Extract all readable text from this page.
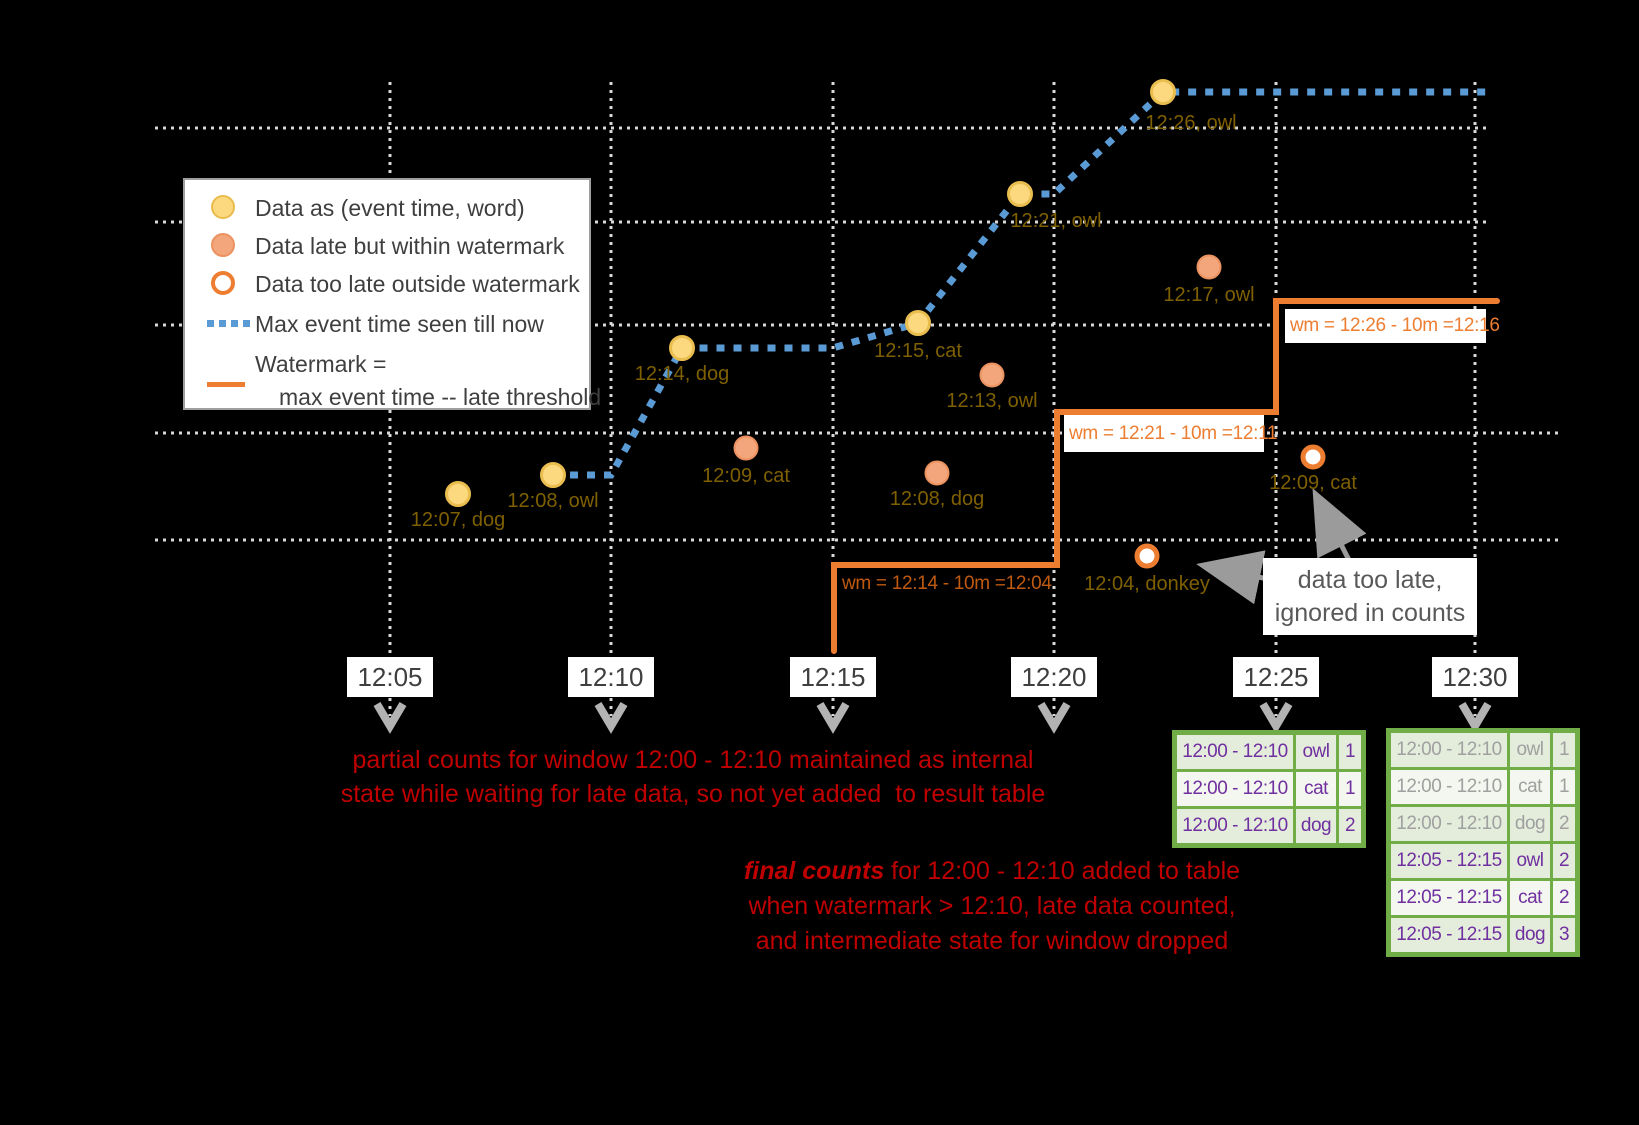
Data as (event time, word)
Data late but within watermark
Data too late outside watermark
Max event time seen till now
Watermark =
max event time -- late threshold
12:07, dog
12:08, owl
12:14, dog
12:15, cat
12:21, owl
12:26, owl
12:09, cat
12:13, owl
12:08, dog
12:17, owl
12:04, donkey
12:09, cat
wm = 12:14 - 10m =12:04
wm = 12:21 - 10m =12:11
wm = 12:26 - 10m =12:16
12:05	12:10	12:15	12:20	12:25	12:30
partial counts for window 12:00 - 12:10 maintained as internal
state while waiting for late data, so not yet added  to result table
final counts for 12:00 - 12:10 added to table
when watermark > 12:10, late data counted,
and intermediate state for window dropped
data too late,
ignored in counts
12:00 - 12:10	owl	1
12:00 - 12:10	cat	1
12:00 - 12:10	dog	2
12:00 - 12:10	owl	1
12:00 - 12:10	cat	1
12:00 - 12:10	dog	2
12:05 - 12:15	owl	2
12:05 - 12:15	cat	2
12:05 - 12:15	dog	3
